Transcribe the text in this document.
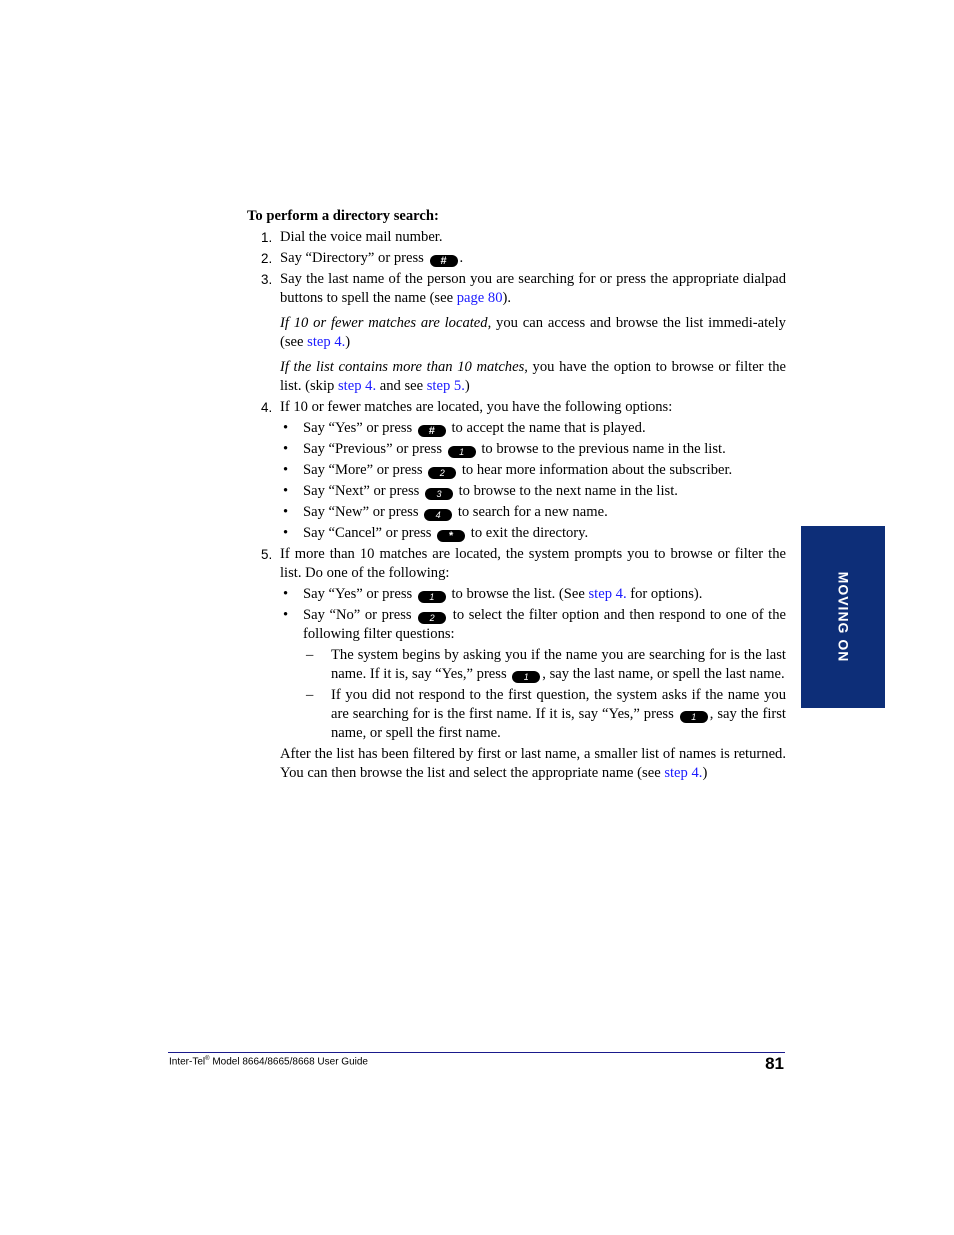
To perform a directory search:

1. Dial the voice mail number.
2. Say “Directory” or press # .
3. Say the last name of the person you are searching for or press the appropriate dialpad buttons to spell the name (see page 80).

If 10 or fewer matches are located, you can access and browse the list immedi-ately (see step 4.)

If the list contains more than 10 matches, you have the option to browse or filter the list. (skip step 4. and see step 5.)

4. If 10 or fewer matches are located, you have the following options:
• Say “Yes” or press # to accept the name that is played.
• Say “Previous” or press 1 to browse to the previous name in the list.
• Say “More” or press 2 to hear more information about the subscriber.
• Say “Next” or press 3 to browse to the next name in the list.
• Say “New” or press 4 to search for a new name.
• Say “Cancel” or press * to exit the directory.
5. If more than 10 matches are located, the system prompts you to browse or filter the list. Do one of the following:
• Say “Yes” or press 1 to browse the list. (See step 4. for options).
• Say “No” or press 2 to select the filter option and then respond to one of the following filter questions:
– The system begins by asking you if the name you are searching for is the last name. If it is, say “Yes,” press 1 , say the last name, or spell the last name.
– If you did not respond to the first question, the system asks if the name you are searching for is the first name. If it is, say “Yes,” press 1 , say the first name, or spell the first name.

After the list has been filtered by first or last name, a smaller list of names is returned. You can then browse the list and select the appropriate name (see step 4.)

MOVING ON
Inter-Tel® Model 8664/8665/8668 User Guide	81
